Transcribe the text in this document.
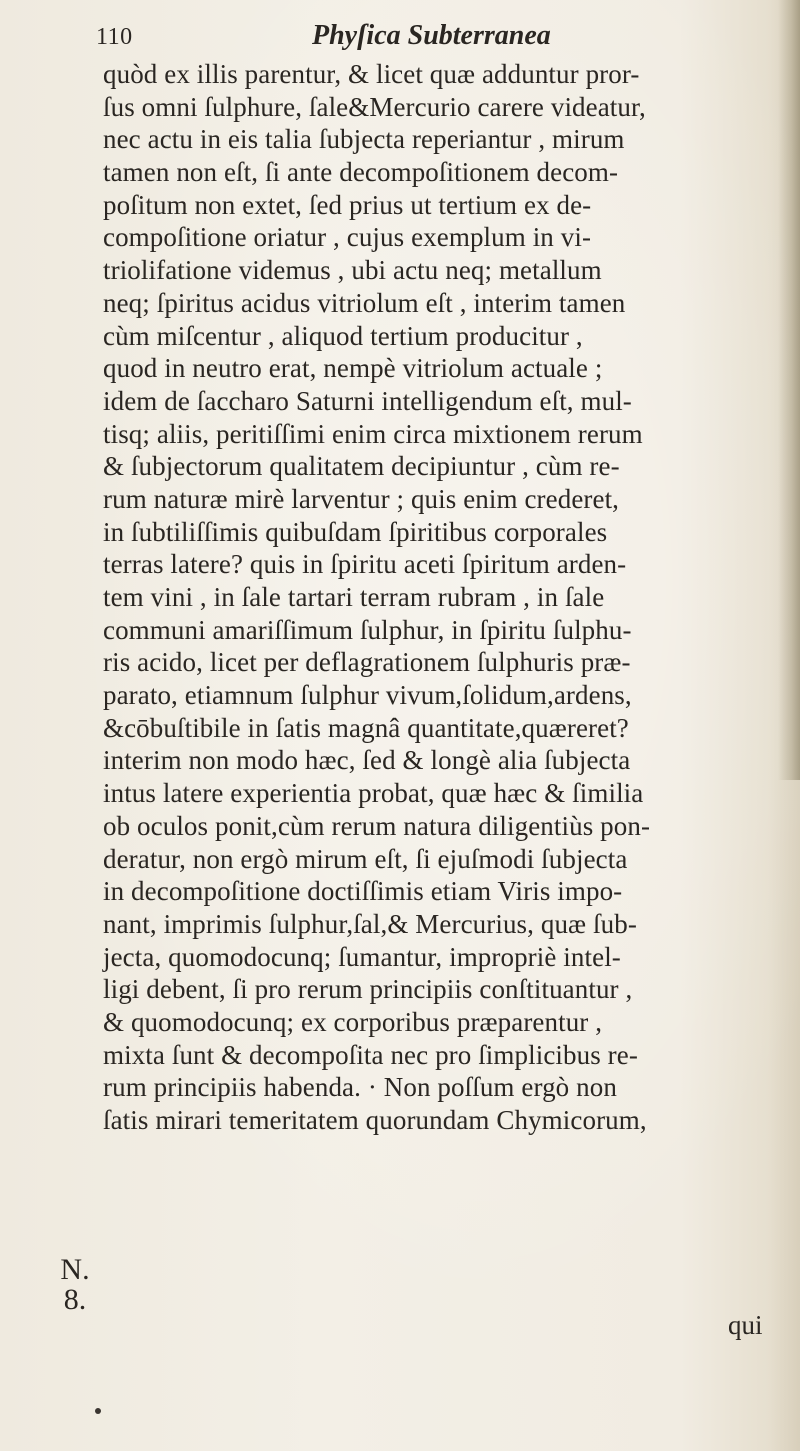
110	Phyſica Subterranea
quòd ex illis parentur, & licet quæ adduntur pror-
ſus omni ſulphure, ſale&Mercurio carere videatur,
nec actu in eis talia ſubjecta reperiantur , mirum
tamen non eſt, ſi ante decompoſitionem decom-
poſitum non extet, ſed prius ut tertium ex de-
compoſitione oriatur , cujus exemplum in vi-
triolifatione videmus , ubi actu neq; metallum
neq; ſpiritus acidus vitriolum eſt , interim tamen
cùm miſcentur , aliquod tertium producitur ,
quod in neutro erat, nempè vitriolum actuale ;
idem de ſaccharo Saturni intelligendum eſt, mul-
tisq; aliis, peritiſſimi enim circa mixtionem rerum
& ſubjectorum qualitatem decipiuntur , cùm re-
rum naturæ mirè larventur ; quis enim crederet,
in ſubtiliſſimis quibuſdam ſpiritibus corporales
terras latere? quis in ſpiritu aceti ſpiritum arden-
tem vini , in ſale tartari terram rubram , in ſale
communi amariſſimum ſulphur, in ſpiritu ſulphu-
ris acido, licet per deflagrationem ſulphuris præ-
parato, etiamnum ſulphur vivum,ſolidum,ardens,
&cōbuſtibile in ſatis magnâ quantitate,quæreret?
interim non modo hæc, ſed & longè alia ſubjecta
intus latere experientia probat, quæ hæc & ſimilia
ob oculos ponit,cùm rerum natura diligentiùs pon-
deratur, non ergò mirum eſt, ſi ejuſmodi ſubjecta
in decompoſitione doctiſſimis etiam Viris impo-
nant, imprimis ſulphur,ſal,& Mercurius, quæ ſub-
jecta, quomodocunq; ſumantur, impropriè intel-
ligi debent, ſi pro rerum principiis conſtituantur ,
& quomodocunq; ex corporibus præparentur ,
mixta ſunt & decompoſita nec pro ſimplicibus re-
rum principiis habenda. · Non poſſum ergò non
ſatis mirari temeritatem quorundam Chymicorum,
N.
8.
qui
